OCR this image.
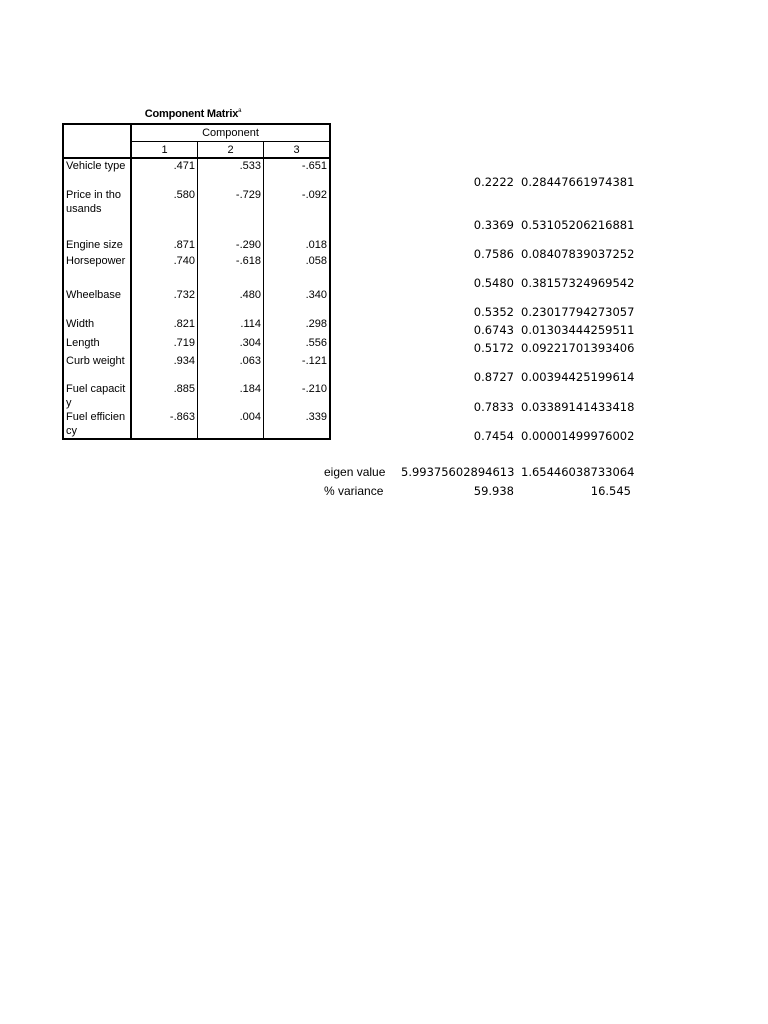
Component Matrix$^a$
	Component		
	1	2	3

Vehicle type	.471	.533	-.651

Price in thousands	.580	-.729	-.092

Engine size	.871	-.290	.018

Horsepower	.740	-.618	.058

Wheelbase	.732	.480	.340

Width	.821	.114	.298

Length	.719	.304	.556

Curb weight	.934	.063	-.121

Fuel capacity	.885	.184	-.210

Fuel efficiency	-.863	.004	.339
0.2222 0.28447661974381
0.3369 0.53105206216881
0.7586 0.08407839037252
0.5480 0.38157324969542
0.5352 0.23017794273057
0.6743 0.01303444259511
0.5172 0.09221701393406
0.8727 0.00394425199614
0.7833 0.03389141433418
0.7454 0.00001499976002
eigen value 5.99375602894613 1.65446038733064
% variance	59.938	16.545
